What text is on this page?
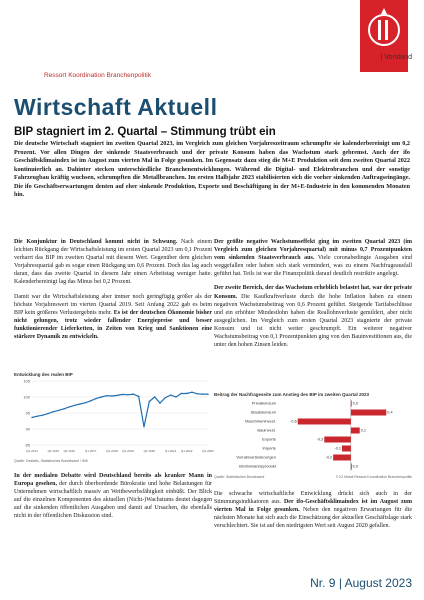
| Vorstand
Ressort Koordination Branchenpolitik
Wirtschaft Aktuell
BIP stagniert im 2. Quartal – Stimmung trübt ein
Die deutsche Wirtschaft stagniert im zweiten Quartal 2023, im Vergleich zum gleichen Vorjahreszeitraum schrumpfte sie kalenderbereinigt um 0,2 Prozent. Vor allen Dingen der sinkende Staatsverbrauch und der private Konsum haben das Wachstum stark gebremst. Auch der ifo Geschäftsklimaindex ist im August zum vierten Mal in Folge gesunken. Im Gegensatz dazu stieg die M+E Produktion seit dem zweiten Quartal 2022 kontinuierlich an. Dahinter stecken unterschiedliche Branchenentwicklungen. Während die Digital- und Elektrobranchen und der sonstige Fahrzeugbau kräftig wuchsen, schrumpften die Metallbranchen. Im ersten Halbjahr 2023 stabilisierten sich die vorher sinkenden Auftragseingänge. Die ifo Geschäftserwartungen denten auf eher sinkende Produktion, Exporte und Beschäftigung in der M+E-Industrie in den kommenden Monaten hin.

Die Konjunktur in Deutschland kommt nicht in Schwung. Nach einem leichten Rückgang der Wirtschaftsleistung im ersten Quartal 2023 um 0,1 Prozent verharrt das BIP im zweiten Quartal mit diesem Wert. Gegenüber dem gleichen Vorjahresquartal gab es sogar einen Rückgang um 0,6 Prozent. Doch das lag auch daran, dass das zweite Quartal in diesem Jahr einen Arbeitstag weniger hatte. Kalenderbereinigt lag das Minus bei 0,2 Prozent.

Damit war die Wirtschaftsleistung aber immer noch geringfügig größer als der höchste Vorjahreswert im vierten Quartal 2019. Seit Anfang 2022 gab es beim BIP kein größeres Verlustergebnis mehr. Es ist der deutschen Ökonomie bisher nicht gelungen, trotz wieder fallender Energiepreise und besser funktionierender Lieferketten, in Zeiten von Krieg und Sanktionen eine stärkere Dynamik zu entwickeln.

Entwicklung des realen BIP
85
90
95
100
105
Q1 2014	Q1 2015 Q1 2016	Q1 2017	Q1 2018 Q1 2019	Q1 2020	Q1 2021 Q1 2022	Q1 2023
Quelle: Destatis, Statistisches Bundesamt / IMK

In der medialen Debatte wird Deutschland bereits als kranker Mann in Europa gesehen, der durch überbordende Bürokratie und hohe Belastungen für Unternehmen wirtschaftlich massiv an Wettbewerbsfähigkeit einbüßt. Der Blick auf die einzelnen Komponenten des aktuellen (Nicht-)Wachstums deutet dagegen auf die sinkenden öffentlichen Ausgaben und damit auf Ursachen, die ebenfalls nicht in der öffentlichen Diskussion sind.

Der größte negative Wachstumseffekt ging im zweiten Quartal 2023 (im Vergleich zum gleichen Vorjahresquartal) mit minus 0,7 Prozentpunkten vom sinkenden Staatsverbrauch aus. Viele coronabedingte Ausgaben sind weggefallen oder haben sich stark vermindert, was zu einem Nachfrageausfall geführt hat. Teils ist war die Finanzpolitik darauf deutlich restriktiv angelegt.

Der zweite Bereich, der das Wachstum erheblich belastet hat, war der private Konsum. Die Kaufkraftverluste durch die hohe Inflation haben zu einem negativen Wachstumsbeitrag von 0,6 Prozent geführt. Steigende Tarifabschlüsse und ein erhöhter Mindestlohn haben die Reallohnverluste gemildert, aber nicht ausgeglichen. Im Vergleich zum ersten Quartal 2023 stagnierte der private Konsum und ist nicht weiter geschrumpft. Ein weiterer negativer Wachstumsbeitrag von 0,1 Prozentpunkten ging von den Bauinvestitionen aus, die unter den hohen Zinsen leiden.

Beitrag der Nachfrageseite zum Anstieg des BIP im zweiten Quartal 2023
Privatkonsum	0,0
Staatskonsum	0,4
Maschineninvest.	-0,6
Bauinvest.	0,1
Exporte	-0,3
Importe	-0,1
Vorratsveränderungen	-0,2
Bruttoinlandsprodukt	0,0
Quelle: Statistisches Bundesamt	© IG Metall Ressort Koordination Branchenpolitik

Die schwache wirtschaftliche Entwicklung drückt sich auch in der Stimmungsindikatoren aus. Der ifo-Geschäftsklimaindex ist im August zum vierten Mal in Folge gesunken. Neben den negativen Erwartungen für die nächsten Monate hat sich auch die Einschätzung der aktuellen Geschäftslage stark verschlechtert. Sie ist auf den niedrigsten Wert seit August 2020 gefallen.

Nr. 9 | August 2023
